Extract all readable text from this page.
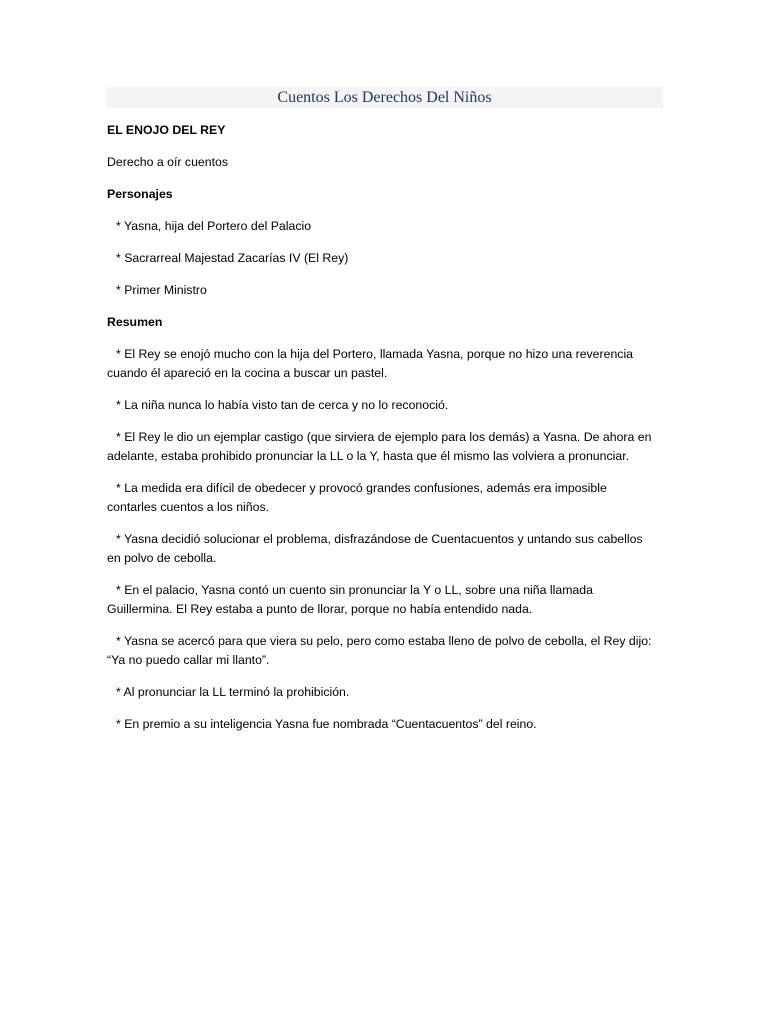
Cuentos Los Derechos Del Niños

EL ENOJO DEL REY

Derecho a oír cuentos

Personajes

* Yasna, hija del Portero del Palacio

* Sacrarreal Majestad Zacarías IV (El Rey)

* Primer Ministro

Resumen

* El Rey se enojó mucho con la hija del Portero, llamada Yasna, porque no hizo una reverencia
cuando él apareció en la cocina a buscar un pastel.

* La niña nunca lo había visto tan de cerca y no lo reconoció.

* El Rey le dio un ejemplar castigo (que sirviera de ejemplo para los demás) a Yasna. De ahora en
adelante, estaba prohibido pronunciar la LL o la Y, hasta que él mismo las volviera a pronunciar.

* La medida era difícil de obedecer y provocó grandes confusiones, además era imposible
contarles cuentos a los niños.

* Yasna decidió solucionar el problema, disfrazándose de Cuentacuentos y untando sus cabellos
en polvo de cebolla.

* En el palacio, Yasna contó un cuento sin pronunciar la Y o LL, sobre una niña llamada
Guillermina. El Rey estaba a punto de llorar, porque no había entendido nada.

* Yasna se acercó para que viera su pelo, pero como estaba lleno de polvo de cebolla, el Rey dijo:
“Ya no puedo callar mi llanto”.

* Al pronunciar la LL terminó la prohibición.

* En premio a su inteligencia Yasna fue nombrada “Cuentacuentos” del reino.
